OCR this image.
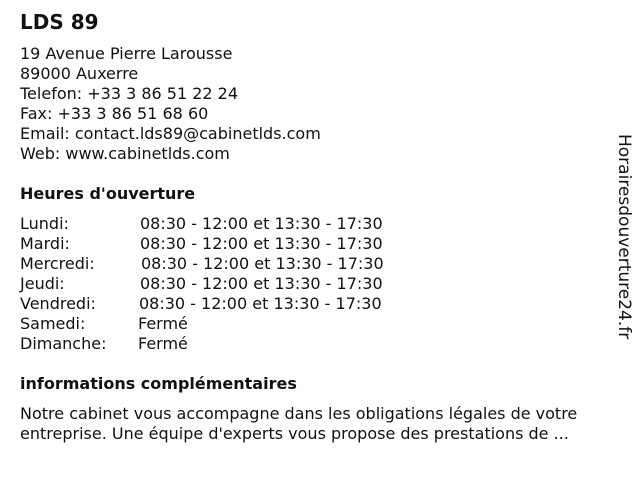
LDS 89
19 Avenue Pierre Larousse
89000 Auxerre
Telefon: +33 3 86 51 22 24
Fax: +33 3 86 51 68 60
Email: contact.lds89@cabinetlds.com
Web: www.cabinetlds.com
Heures d'ouverture
Lundi:	08:30 - 12:00 et 13:30 - 17:30
Mardi:	08:30 - 12:00 et 13:30 - 17:30
Mercredi:	08:30 - 12:00 et 13:30 - 17:30
Jeudi:	08:30 - 12:00 et 13:30 - 17:30
Vendredi:	08:30 - 12:00 et 13:30 - 17:30
Samedi:	Fermé
Dimanche: Fermé
informations complémentaires
Notre cabinet vous accompagne dans les obligations légales de votre
entreprise. Une équipe d'experts vous propose des prestations de ...
Horairesdouverture24.fr
